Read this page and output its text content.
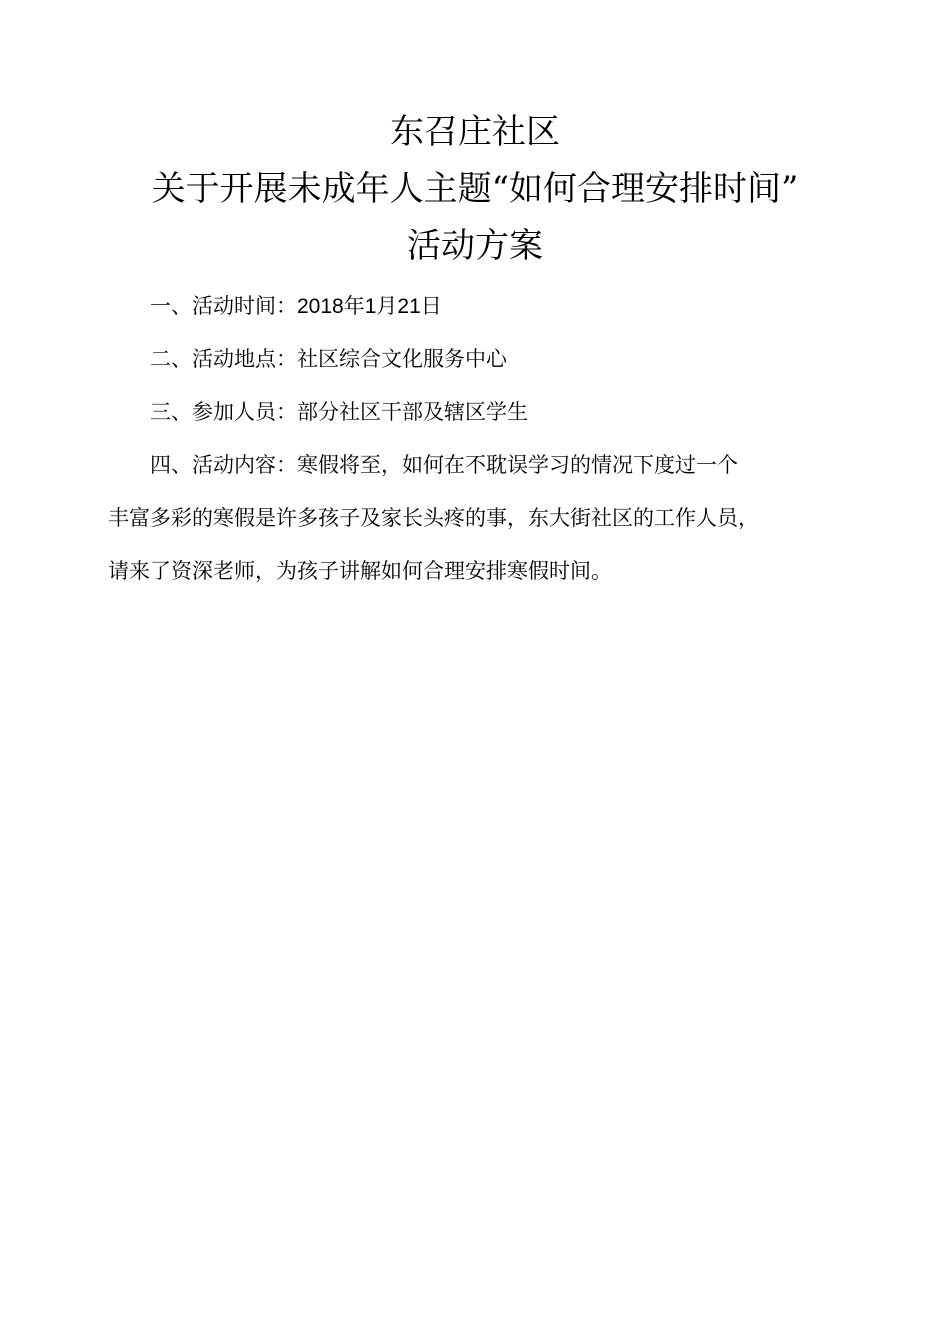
东召庄社区
关于开展未成年人主题“如何合理安排时间”
活动方案

一、活动时间：2018年1月21日

二、活动地点：社区综合文化服务中心

三、参加人员：部分社区干部及辖区学生

四、活动内容：寒假将至，如何在不耽误学习的情况下度过一个

丰富多彩的寒假是许多孩子及家长头疼的事，东大街社区的工作人员，

请来了资深老师，为孩子讲解如何合理安排寒假时间。
